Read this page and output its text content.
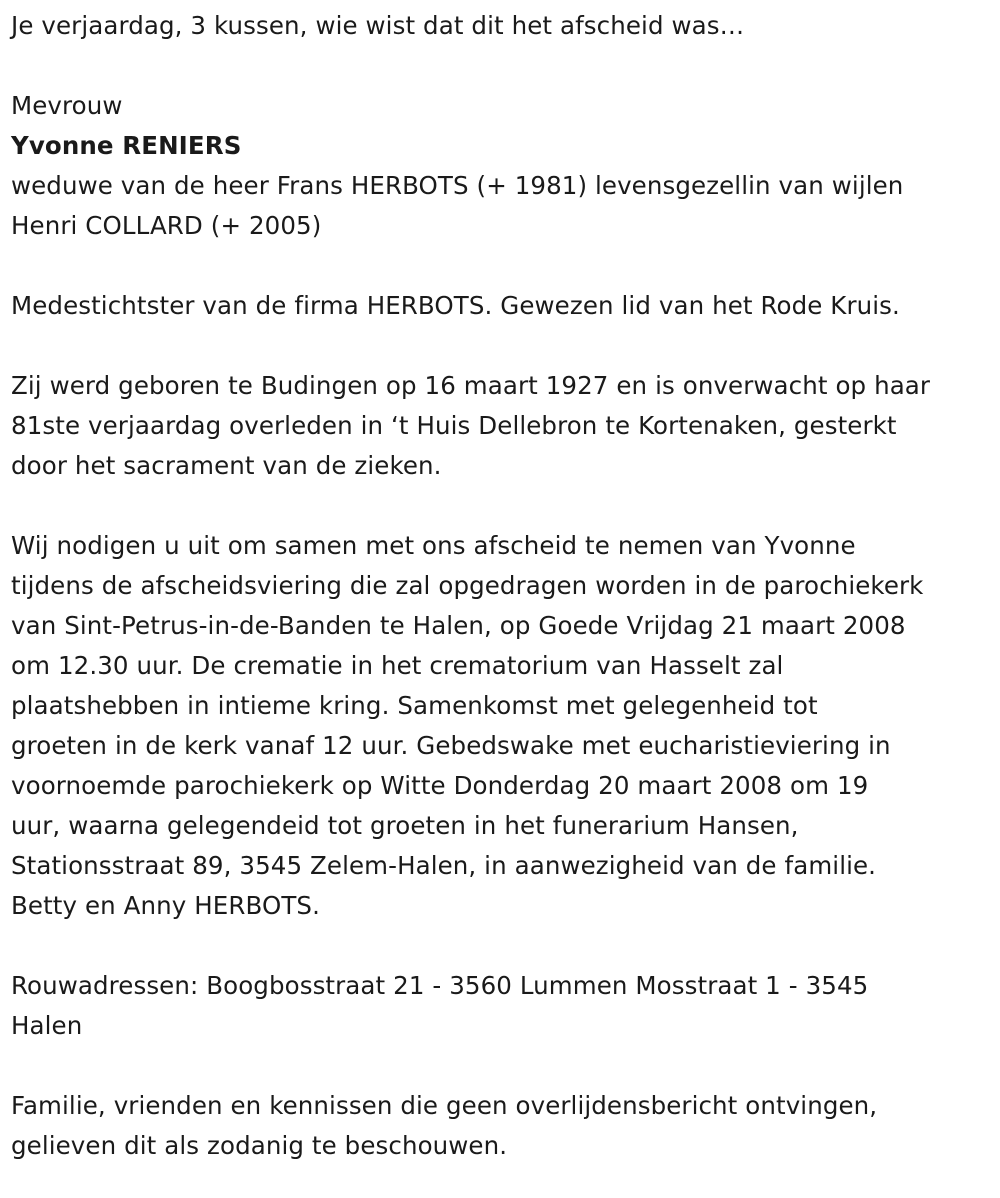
Je verjaardag, 3 kussen, wie wist dat dit het afscheid was…

Mevrouw

Yvonne RENIERS

weduwe van de heer Frans HERBOTS (+ 1981) levensgezellin van wijlen

Henri COLLARD (+ 2005)

Medestichtster van de firma HERBOTS. Gewezen lid van het Rode Kruis.

Zij werd geboren te Budingen op 16 maart 1927 en is onverwacht op haar

81ste verjaardag overleden in ‘t Huis Dellebron te Kortenaken, gesterkt

door het sacrament van de zieken.

Wij nodigen u uit om samen met ons afscheid te nemen van Yvonne

tijdens de afscheidsviering die zal opgedragen worden in de parochiekerk

van Sint-Petrus-in-de-Banden te Halen, op Goede Vrijdag 21 maart 2008

om 12.30 uur. De crematie in het crematorium van Hasselt zal

plaatshebben in intieme kring. Samenkomst met gelegenheid tot

groeten in de kerk vanaf 12 uur. Gebedswake met eucharistieviering in

voornoemde parochiekerk op Witte Donderdag 20 maart 2008 om 19

uur, waarna gelegendeid tot groeten in het funerarium Hansen,

Stationsstraat 89, 3545 Zelem-Halen, in aanwezigheid van de familie.

Betty en Anny HERBOTS.

Rouwadressen: Boogbosstraat 21 - 3560 Lummen Mosstraat 1 - 3545

Halen

Familie, vrienden en kennissen die geen overlijdensbericht ontvingen,

gelieven dit als zodanig te beschouwen.
